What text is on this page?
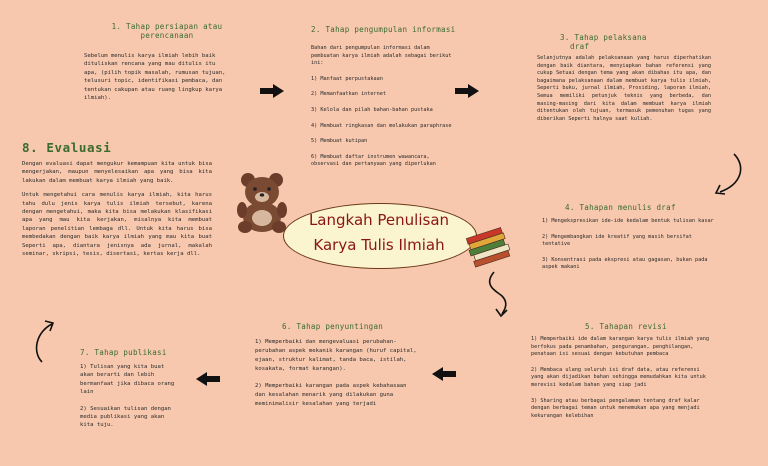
1. Tahap persiapan atau
perencanaan
Sebelum menulis karya ilmiah lebih baik dituliskan rencana yang mau ditulis itu apa, (pilih topik masalah, rumusan tujuan, telusuri topic, identifikasi pembaca, dan tentukan cakupan atau ruang lingkup karya ilmiah).
2. Tahap pengumpulan informasi
Bahan dari pengumpulan informasi dalam pembuatan karya ilmiah adalah sebagai berikut ini:
1) Manfaat perpustakaan
2) Memanfaatkan internet
3) Kelola dan pilah bahan-bahan pustaka
4) Membuat ringkasan dan melakukan paraphrase
5) Membuat kutipan
6) Membuat daftar instrumen wawancara, observasi dan pertanyaan yang diperlukan
3. Tahap pelaksana
draf
Selanjutnya adalah pelaksanaan yang harus diperhatikan dengan baik diantara, menyiapkan bahan referensi yang cukup Setuai dengan tema yang akan dibahas itu apa, dan bagaimana pelaksanaan dalam membuat karya tulis ilmiah, Seperti buku, jurnal ilmiah, Prosiding, laporan ilmiah, Semua memiliki petunjuk teknis yang berbeda, dan masing-masing dari kita dalam membuat karya ilmiah ditentukan oleh tujuan, termasuk pemenuhan tugas yang diberikan Seperti halnya saat kuliah.
4. Tahapan menulis draf
1) Mengekspresikan ide-ide kedalam bentuk tulisan kasar
2) Mengembangkan ide kreatif yang masih bersifat tentative
3) Konsentrasi pada ekspresi atau gagasan, bukan pada aspek makani
5. Tahapan revisi
1) Memperbaiki ide dalam karangan karya tulis ilmiah yang berfokus pada penambahan, pengurangan, penghilangan, penataan isi sesuai dengan kebutuhan pembaca
2) Membaca ulang seluruh isi draf data, atau referensi yang akan dijadikan bahan sehingga memudahkan kita untuk merevisi kedalam bahan yang siap jadi
3) Sharing atau berbagai pengalaman tentang draf kalar dengan berbagai teman untuk menemukan apa yang menjadi kekurangan kelebihan
6. Tahap penyuntingan
1) Memperbaiki dan mengevaluasi perubahan-perubahan aspek mekanik karangan (huruf capital, ejaan, struktur kalimat, tanda baca, istilah, kosakata, format karangan).
2) Memperbaiki karangan pada aspek kebahasaan dan kesalahan menarik yang dilakukan guna meminimalisir kesalahan yang terjadi
7. Tahap publikasi
1) Tulisan yang kita buat akan berarti dan lebih bermanfaat jika dibaca orang lain
2) Sesuaikan tulisan dengan media publikasi yang akan kita tuju.
8. Evaluasi

Dengan evaluasi dapat mengukur kemampuan kita untuk bisa mengerjakan, maupun menyelesaikan apa yang bisa kita lakukan dalam membuat karya ilmiah yang baik.

Untuk mengetahui cara menulis karya ilmiah, kita harus tahu dulu jenis karya tulis ilmiah tersebut, karena dengan mengetahui, maka kita bisa melakukan klasifikasi apa yang mau kita kerjakan, misalnya kita membuat laporan penelitian lembaga dll. Untuk kita harus bisa membedakan dengan baik karya ilmiah yang mau kita buat Seperti apa, diantara jenisnya ada jurnal, makalah seminar, skripsi, tesis, disertasi, kertas kerja dll.

Langkah Penulisan
Karya Tulis Ilmiah
